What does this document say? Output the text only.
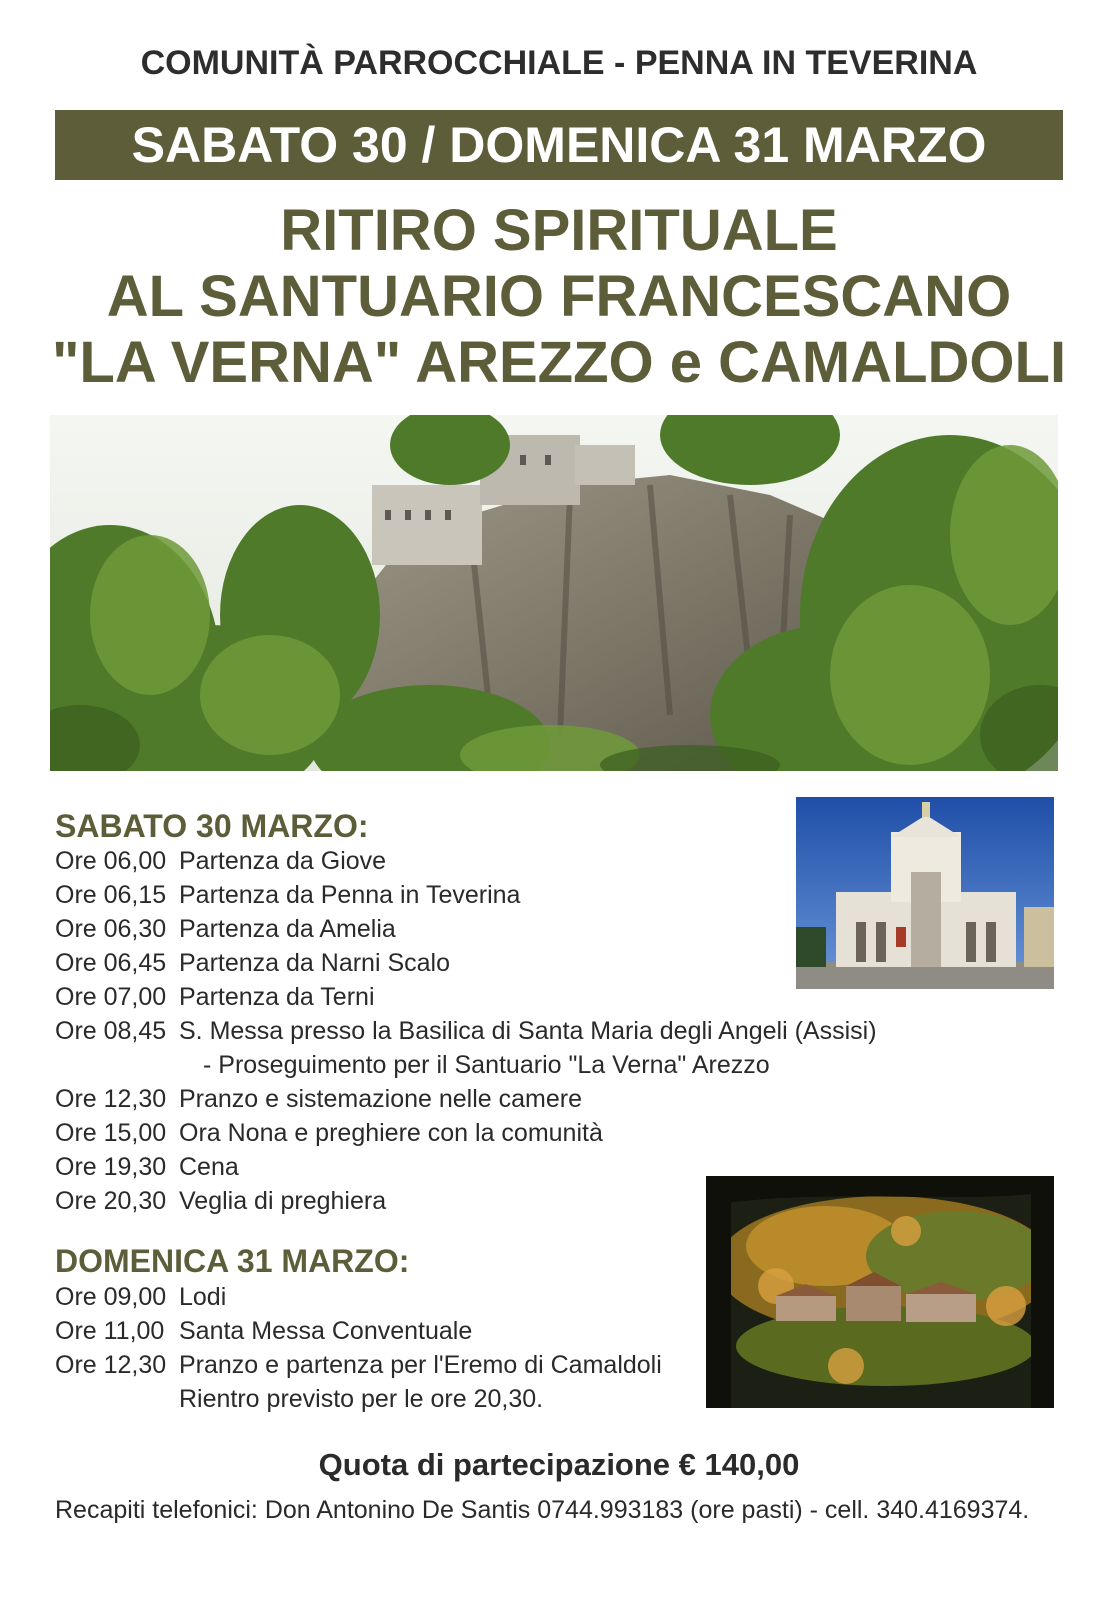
COMUNITÀ PARROCCHIALE - PENNA IN TEVERINA
SABATO 30 / DOMENICA 31 MARZO
RITIRO SPIRITUALE
AL SANTUARIO FRANCESCANO
"LA VERNA" AREZZO e CAMALDOLI
SABATO 30 MARZO:
Ore 06,00 Partenza da Giove
Ore 06,15 Partenza da Penna in Teverina
Ore 06,30 Partenza da Amelia
Ore 06,45 Partenza da Narni Scalo
Ore 07,00 Partenza da Terni
Ore 08,45 S. Messa presso la Basilica di Santa Maria degli Angeli (Assisi)
- Proseguimento per il Santuario "La Verna" Arezzo
Ore 12,30 Pranzo e sistemazione nelle camere
Ore 15,00 Ora Nona e preghiere con la comunità
Ore 19,30 Cena
Ore 20,30 Veglia di preghiera
DOMENICA 31 MARZO:
Ore 09,00 Lodi
Ore 11,00 Santa Messa Conventuale
Ore 12,30 Pranzo e partenza per l'Eremo di Camaldoli
Rientro previsto per le ore 20,30.
Quota di partecipazione € 140,00
Recapiti telefonici: Don Antonino De Santis 0744.993183 (ore pasti) - cell. 340.4169374.
